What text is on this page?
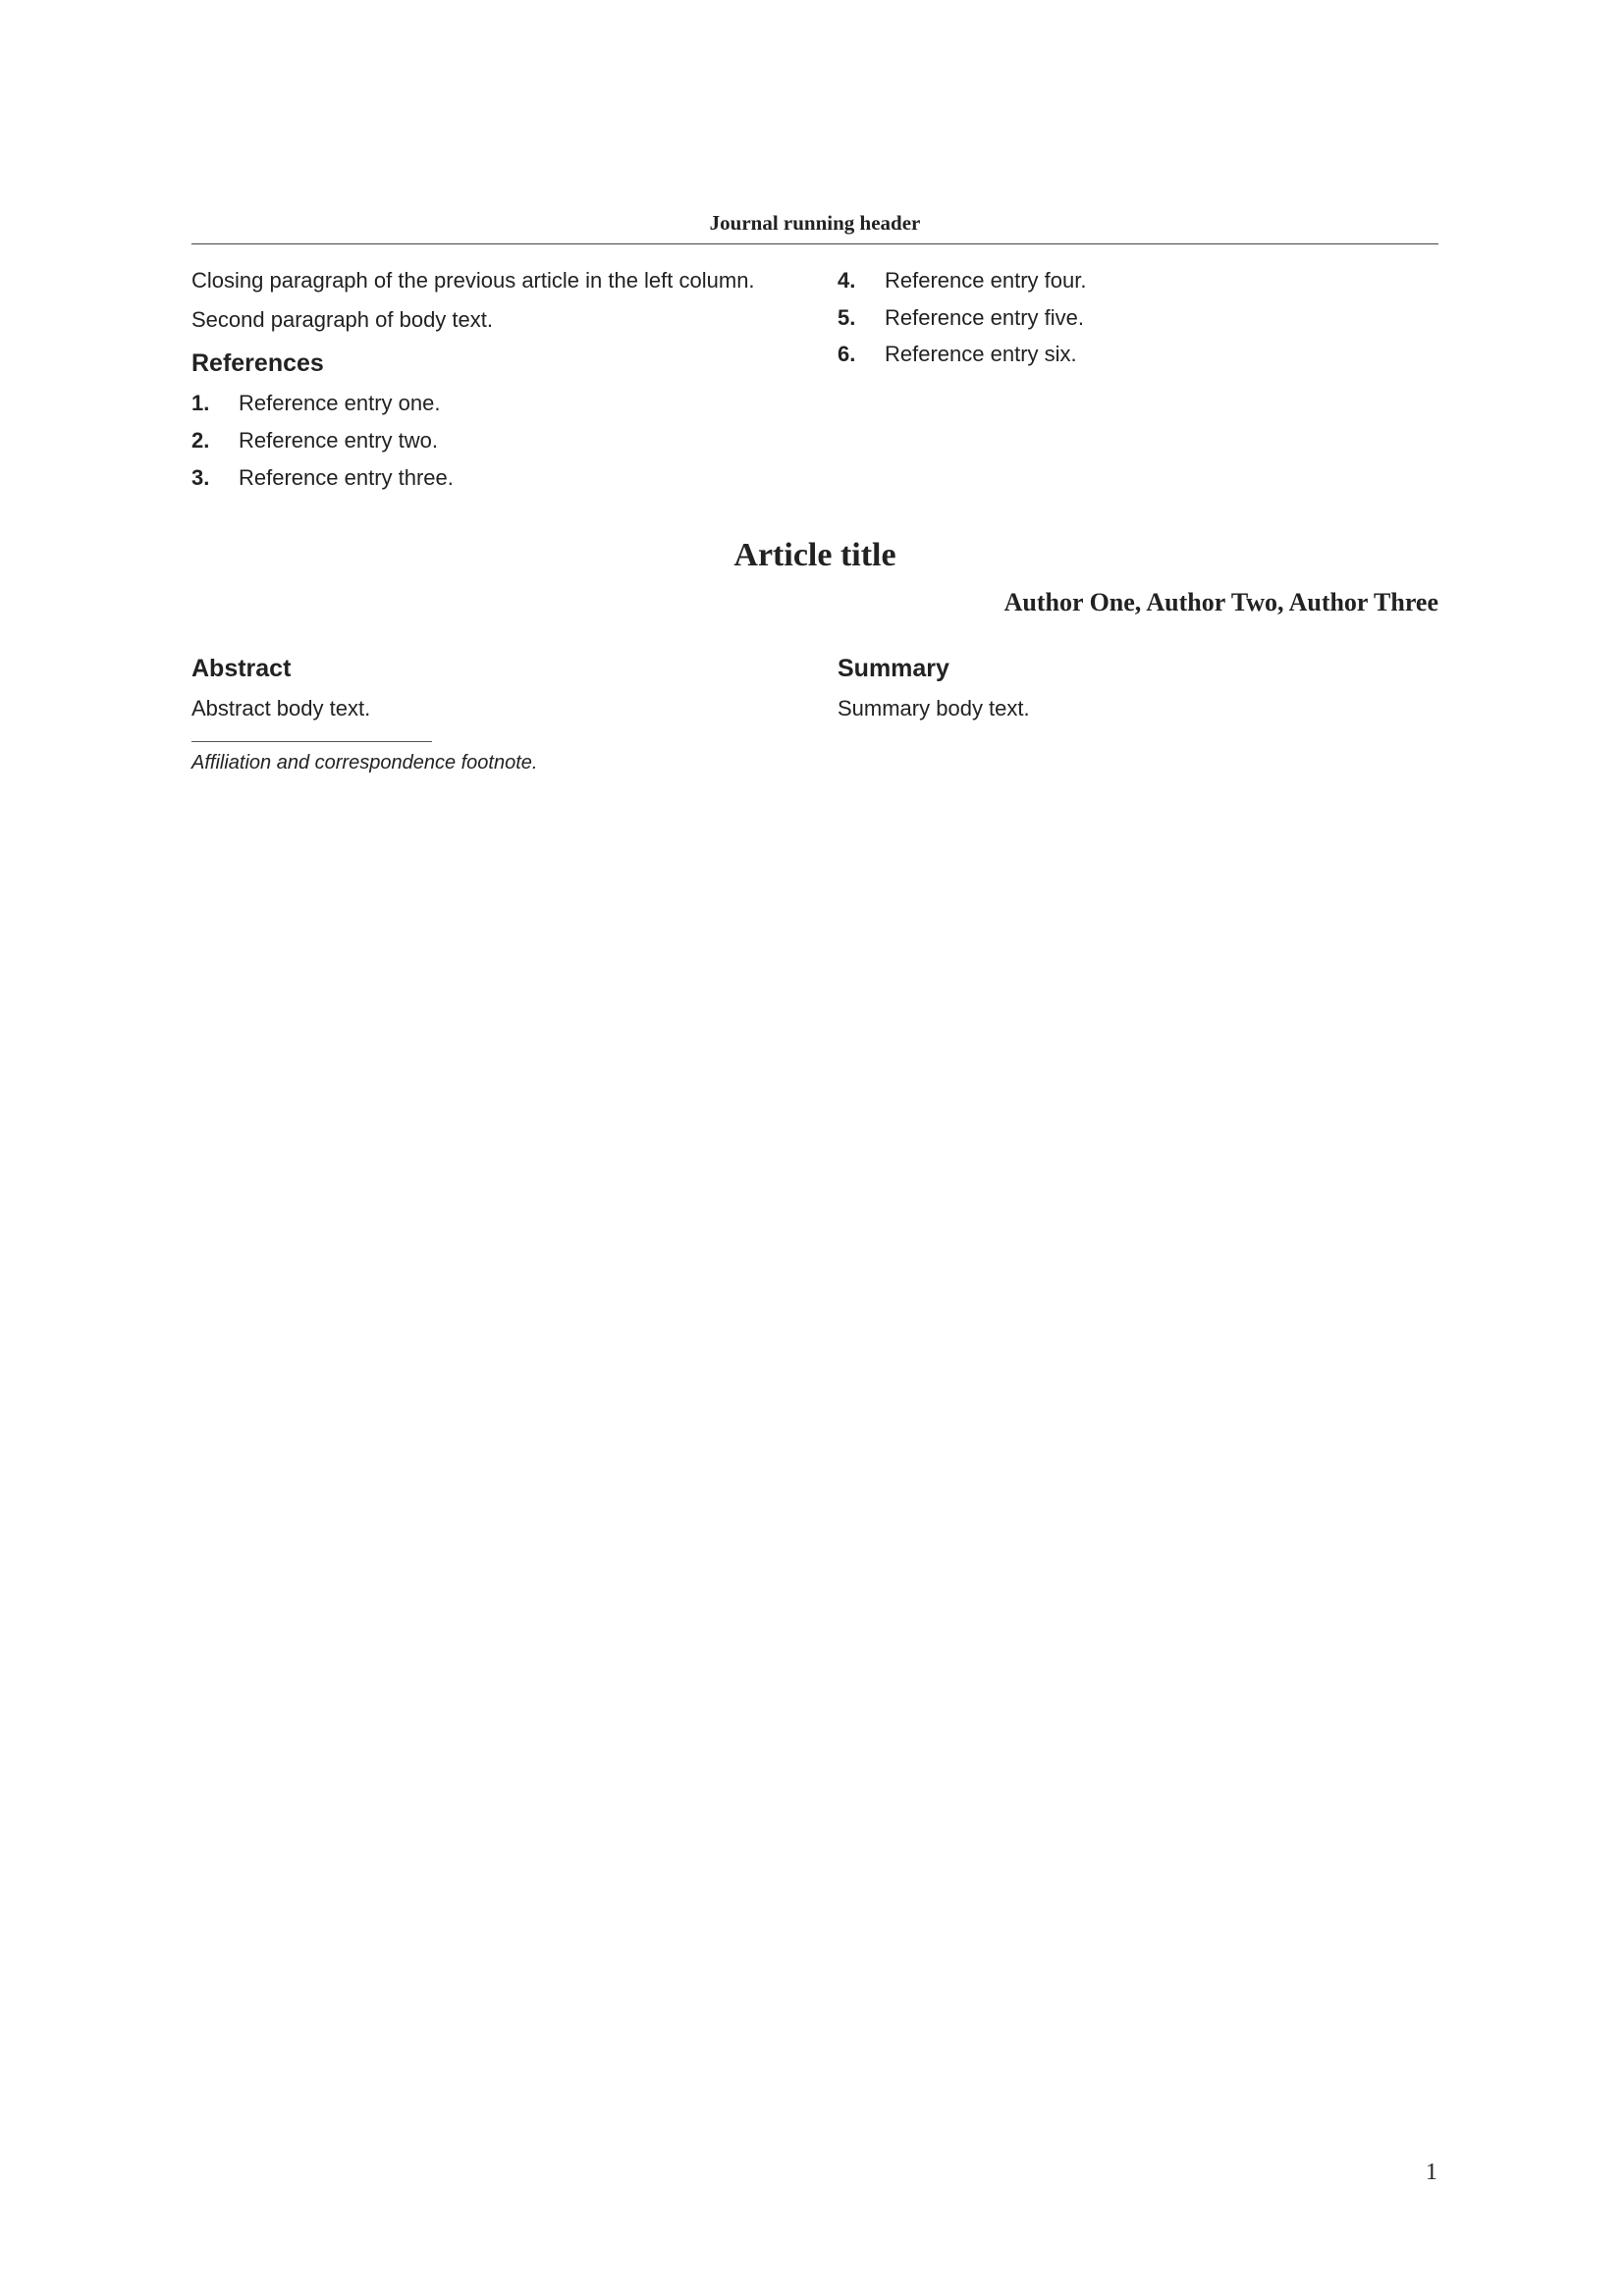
Journal running header

Closing paragraph of the previous article in the left column.

Second paragraph of body text.

References
1.	Reference entry one.
2.	Reference entry two.
3.	Reference entry three.
4.	Reference entry four.
5.	Reference entry five.
6.	Reference entry six.
Article title
Author One, Author Two, Author Three
Abstract

Abstract body text.

Affiliation and correspondence footnote.
Summary

Summary body text.

1
